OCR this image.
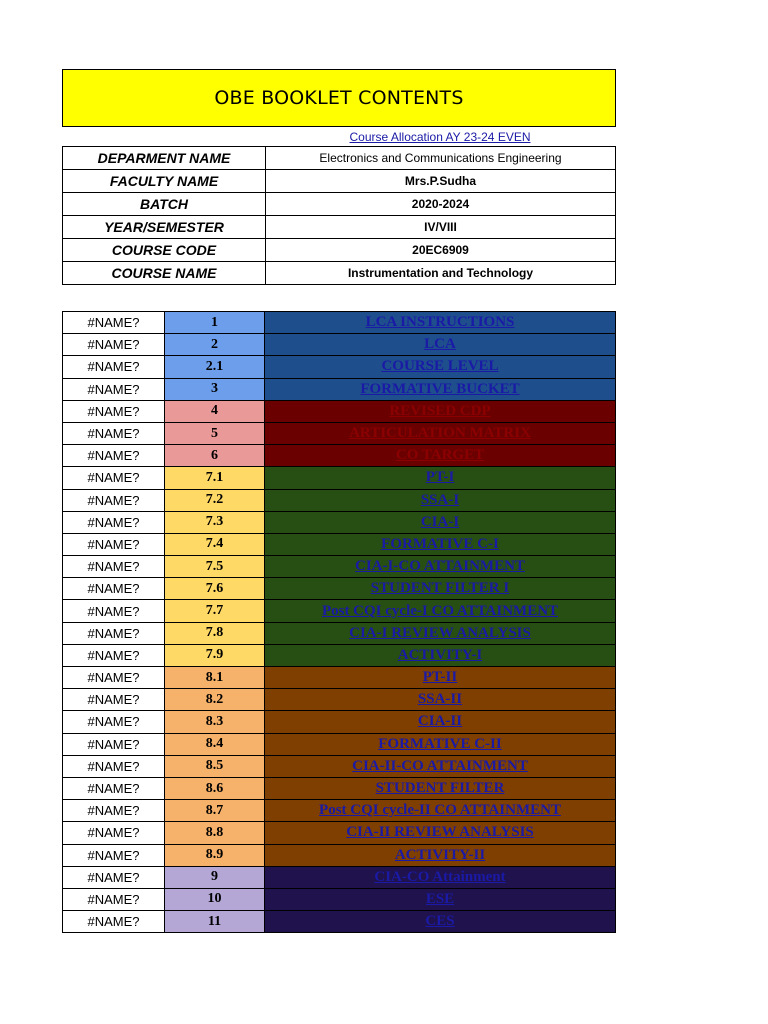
OBE BOOKLET CONTENTS
Course Allocation AY 23-24 EVEN
DEPARMENT NAME	Electronics and Communications Engineering
FACULTY NAME	Mrs.P.Sudha
BATCH	2020-2024
YEAR/SEMESTER	IV/VIII
COURSE CODE	20EC6909
COURSE NAME	Instrumentation and Technology
#NAME?	1	LCA INSTRUCTIONS
#NAME?	2	LCA
#NAME?	2.1	COURSE LEVEL
#NAME?	3	FORMATIVE BUCKET
#NAME?	4	REVISED CDP
#NAME?	5	ARTICULATION MATRIX
#NAME?	6	CO TARGET
#NAME?	7.1	PT-I
#NAME?	7.2	SSA-I
#NAME?	7.3	CIA-I
#NAME?	7.4	FORMATIVE C-I
#NAME?	7.5	CIA-I-CO ATTAINMENT
#NAME?	7.6	STUDENT FILTER I
#NAME?	7.7	Post CQI cycle-I CO ATTAINMENT
#NAME?	7.8	CIA-I REVIEW ANALYSIS
#NAME?	7.9	ACTIVITY-I
#NAME?	8.1	PT-II
#NAME?	8.2	SSA-II
#NAME?	8.3	CIA-II
#NAME?	8.4	FORMATIVE C-II
#NAME?	8.5	CIA-II-CO ATTAINMENT
#NAME?	8.6	STUDENT FILTER
#NAME?	8.7	Post CQI cycle-II CO ATTAINMENT
#NAME?	8.8	CIA-II REVIEW ANALYSIS
#NAME?	8.9	ACTIVITY-II
#NAME?	9	CIA-CO Attainment
#NAME?	10	ESE
#NAME?	11	CES
